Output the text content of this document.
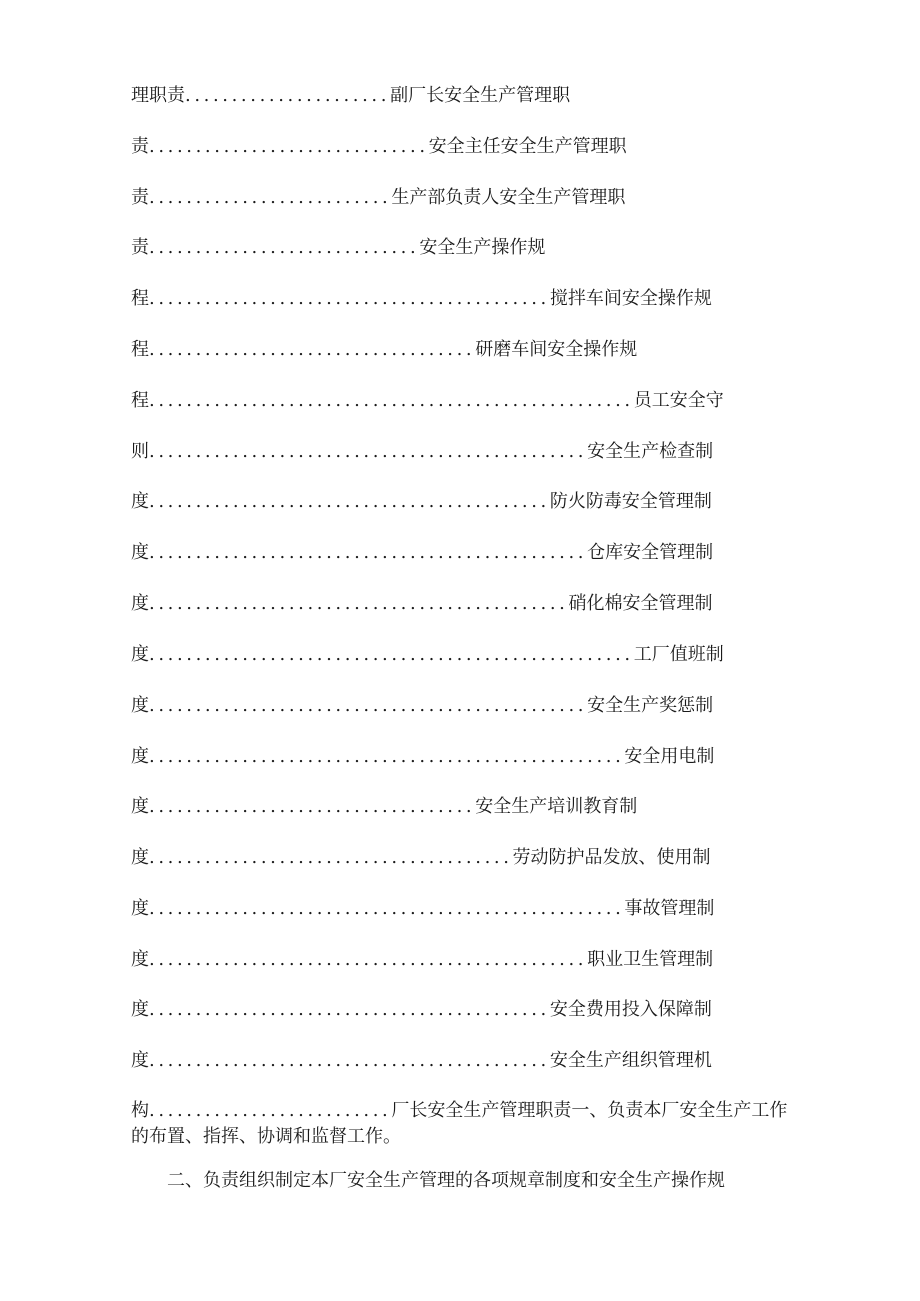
理职责......................副厂长安全生产管理职
责..............................安全主任安全生产管理职
责..........................生产部负责人安全生产管理职
责.............................安全生产操作规
程...........................................搅拌车间安全操作规
程...................................研磨车间安全操作规
程....................................................员工安全守
则...............................................安全生产检查制
度...........................................防火防毒安全管理制
度...............................................仓库安全管理制
度.............................................硝化棉安全管理制
度....................................................工厂值班制
度...............................................安全生产奖惩制
度...................................................安全用电制
度...................................安全生产培训教育制
度.......................................劳动防护品发放、使用制
度...................................................事故管理制
度...............................................职业卫生管理制
度...........................................安全费用投入保障制
度...........................................安全生产组织管理机
构..........................厂长安全生产管理职责一、负责本厂安全生产工作的布置、指挥、协调和监督工作。
二、负责组织制定本厂安全生产管理的各项规章制度和安全生产操作规
